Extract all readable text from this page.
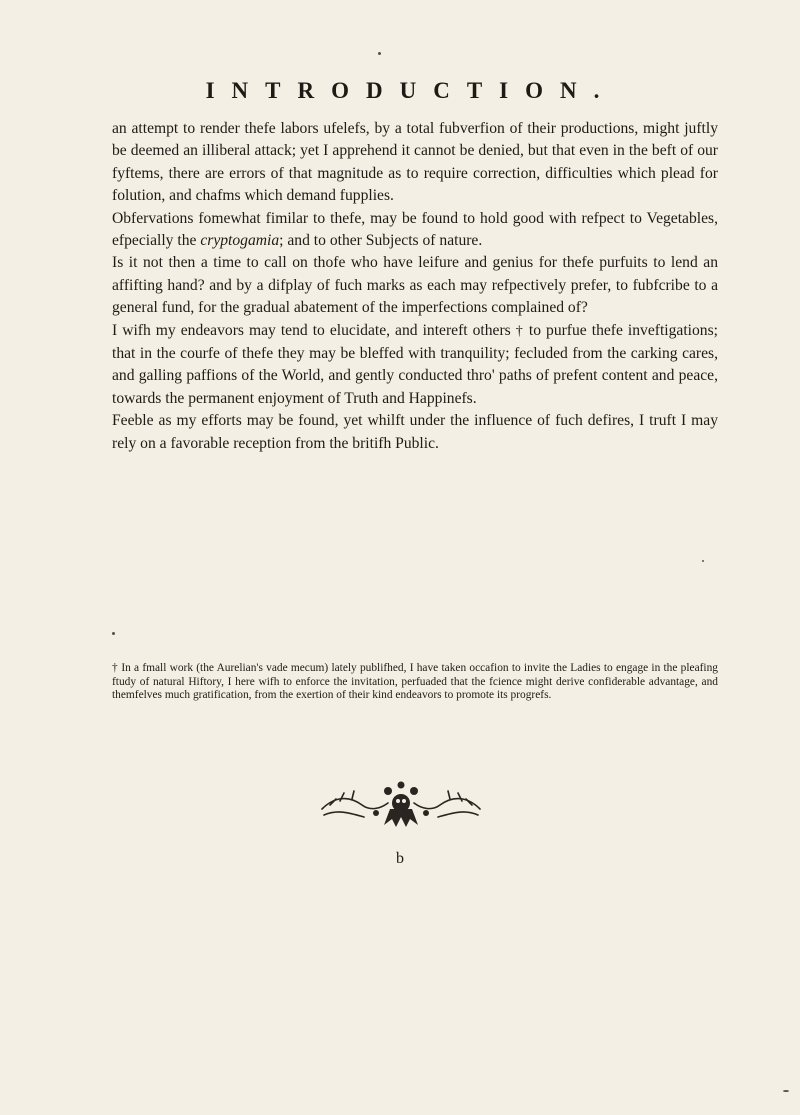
INTRODUCTION.

an attempt to render thefe labors ufelefs, by a total fubverfion of their productions, might juftly be deemed an illiberal attack; yet I apprehend it cannot be denied, but that even in the beft of our fyftems, there are errors of that magnitude as to require correction, difficulties which plead for folution, and chafms which demand fupplies.

Obfervations fomewhat fimilar to thefe, may be found to hold good with refpect to Vegetables, efpecially the cryptogamia; and to other Subjects of nature.

Is it not then a time to call on thofe who have leifure and genius for thefe purfuits to lend an affifting hand? and by a difplay of fuch marks as each may refpectively prefer, to fubfcribe to a general fund, for the gradual abatement of the imperfections complained of?

I wifh my endeavors may tend to elucidate, and intereft others † to purfue thefe inveftigations; that in the courfe of thefe they may be bleffed with tranquility; fecluded from the carking cares, and galling paffions of the World, and gently conducted thro' paths of prefent content and peace, towards the permanent enjoyment of Truth and Happinefs.

Feeble as my efforts may be found, yet whilft under the influence of fuch defires, I truft I may rely on a favorable reception from the britifh Public.

† In a fmall work (the Aurelian's vade mecum) lately publifhed, I have taken occafion to invite the Ladies to engage in the pleafing ftudy of natural Hiftory, I here wifh to enforce the invitation, perfuaded that the fcience might derive confiderable advantage, and themfelves much gratification, from the exertion of their kind endeavors to promote its progrefs.
b
